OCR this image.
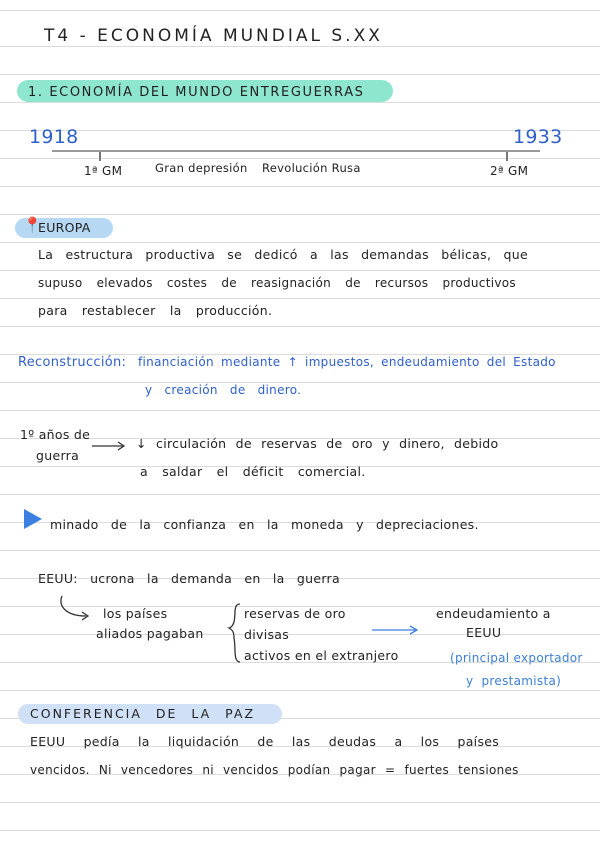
T4 - ECONOMÍA MUNDIAL S.XX
1. ECONOMÍA DEL MUNDO ENTREGUERRAS
1918	1933
1ª GM	Gran depresión Revolución Rusa	2ª GM
📍
EUROPA
La estructura productiva se dedicó a las demandas bélicas, que
supuso elevados costes de reasignación de recursos productivos
para restablecer la producción.
Reconstrucción: financiación mediante ↑ impuestos, endeudamiento del Estado
y creación de dinero.
1º años de
guerra
↓ circulación de reservas de oro y dinero, debido
a saldar el déficit comercial.
minado de la confianza en la moneda y depreciaciones.
EEUU: ucrona la demanda en la guerra
los países
aliados pagaban
reservas de oro
divisas
activos en el extranjero
endeudamiento a
EEUU
(principal exportador
y prestamista)
CONFERENCIA DE LA PAZ
EEUU pedía la liquidación de las deudas a los países
vencidos. Ni vencedores ni vencidos podían pagar = fuertes tensiones
